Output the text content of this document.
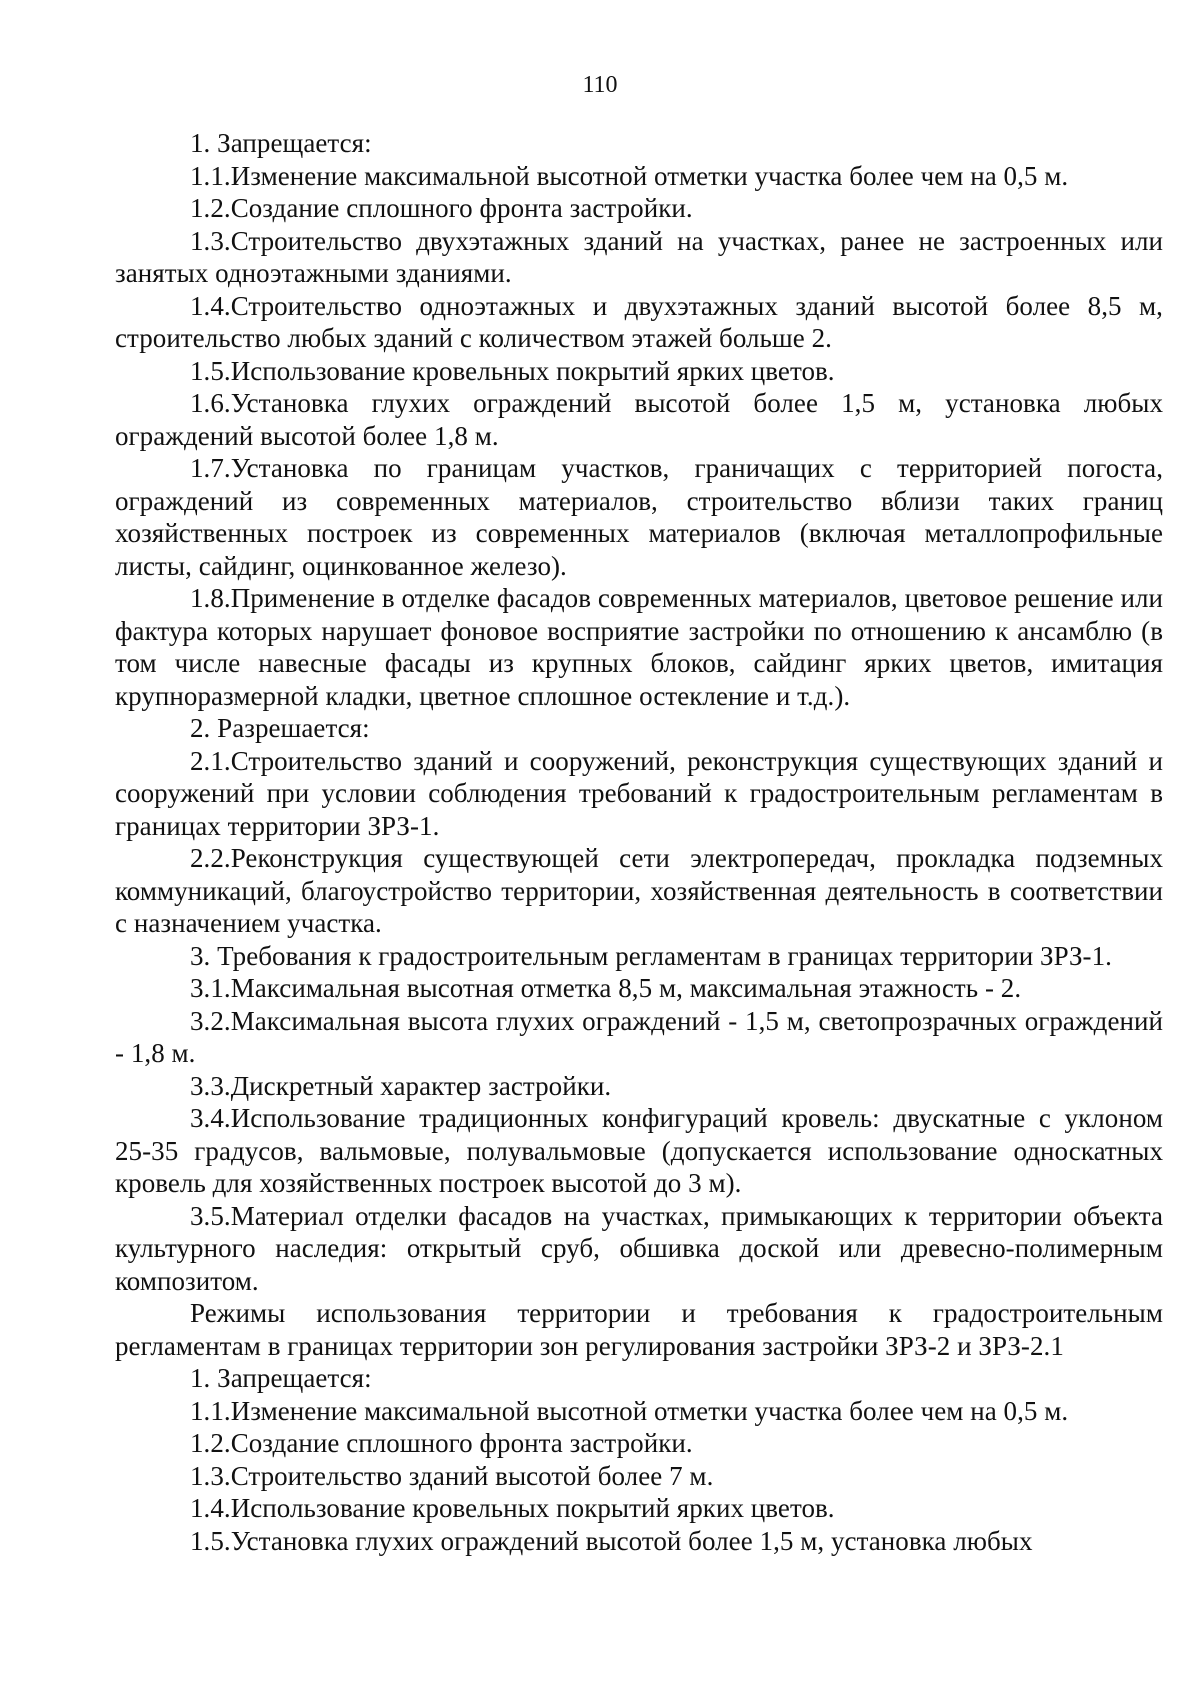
110

1. Запрещается:

1.1.Изменение максимальной высотной отметки участка более чем на 0,5 м.

1.2.Создание сплошного фронта застройки.

1.3.Строительство двухэтажных зданий на участках, ранее не застроенных или занятых одноэтажными зданиями.

1.4.Строительство одноэтажных и двухэтажных зданий высотой более 8,5 м, строительство любых зданий с количеством этажей больше 2.

1.5.Использование кровельных покрытий ярких цветов.

1.6.Установка глухих ограждений высотой более 1,5 м, установка любых ограждений высотой более 1,8 м.

1.7.Установка по границам участков, граничащих с территорией погоста, ограждений из современных материалов, строительство вблизи таких границ хозяйственных построек из современных материалов (включая металлопрофильные листы, сайдинг, оцинкованное железо).

1.8.Применение в отделке фасадов современных материалов, цветовое решение или фактура которых нарушает фоновое восприятие застройки по отношению к ансамблю (в том числе навесные фасады из крупных блоков, сайдинг ярких цветов, имитация крупноразмерной кладки, цветное сплошное остекление и т.д.).

2. Разрешается:

2.1.Строительство зданий и сооружений, реконструкция существующих зданий и сооружений при условии соблюдения требований к градостроительным регламентам в границах территории ЗРЗ-1.

2.2.Реконструкция существующей сети электропередач, прокладка подземных коммуникаций, благоустройство территории, хозяйственная деятельность в соответствии с назначением участка.

3. Требования к градостроительным регламентам в границах территории ЗРЗ-1.

3.1.Максимальная высотная отметка 8,5 м, максимальная этажность - 2.

3.2.Максимальная высота глухих ограждений - 1,5 м, светопрозрачных ограждений - 1,8 м.

3.3.Дискретный характер застройки.

3.4.Использование традиционных конфигураций кровель: двускатные с уклоном 25-35 градусов, вальмовые, полувальмовые (допускается использование односкатных кровель для хозяйственных построек высотой до 3 м).

3.5.Материал отделки фасадов на участках, примыкающих к территории объекта культурного наследия: открытый сруб, обшивка доской или древесно-полимерным композитом.

Режимы использования территории и требования к градостроительным регламентам в границах территории зон регулирования застройки ЗРЗ-2 и ЗРЗ-2.1

1. Запрещается:

1.1.Изменение максимальной высотной отметки участка более чем на 0,5 м.

1.2.Создание сплошного фронта застройки.

1.3.Строительство зданий высотой более 7 м.

1.4.Использование кровельных покрытий ярких цветов.

1.5.Установка глухих ограждений высотой более 1,5 м, установка любых
